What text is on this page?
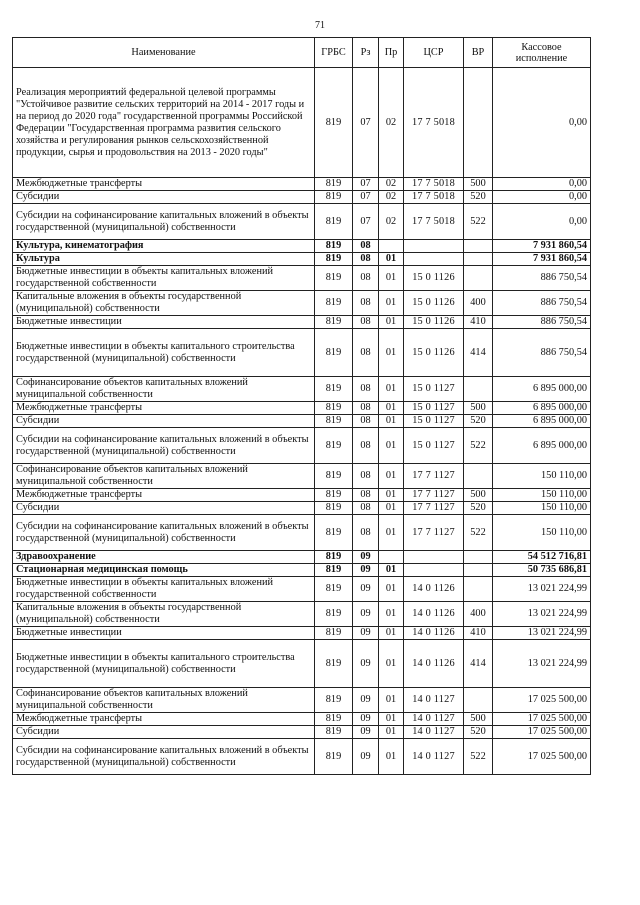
71
Наименование	ГРБС	Рз	Пр	ЦСР	ВР	Кассовое исполнение
Реализация мероприятий федеральной целевой программы "Устойчивое развитие сельских территорий на 2014 - 2017 годы и на период до 2020 года" государственной программы Российской Федерации "Государственная программа развития сельского хозяйства и регулирования рынков сельскохозяйственной продукции, сырья и продовольствия на 2013 - 2020 годы"	819	07	02	17 7 5018		0,00
Межбюджетные трансферты	819	07	02	17 7 5018	500	0,00
Субсидии	819	07	02	17 7 5018	520	0,00
Субсидии на софинансирование капитальных вложений в объекты государственной (муниципальной) собственности	819	07	02	17 7 5018	522	0,00
Культура, кинематография	819	08				7 931 860,54
Культура	819	08	01			7 931 860,54
Бюджетные инвестиции в объекты капитальных вложений государственной собственности	819	08	01	15 0 1126		886 750,54
Капитальные вложения в объекты государственной (муниципальной) собственности	819	08	01	15 0 1126	400	886 750,54
Бюджетные инвестиции	819	08	01	15 0 1126	410	886 750,54
Бюджетные инвестиции в объекты капитального строительства государственной (муниципальной) собственности	819	08	01	15 0 1126	414	886 750,54
Софинансирование объектов капитальных вложений муниципальной собственности	819	08	01	15 0 1127		6 895 000,00
Межбюджетные трансферты	819	08	01	15 0 1127	500	6 895 000,00
Субсидии	819	08	01	15 0 1127	520	6 895 000,00
Субсидии на софинансирование капитальных вложений в объекты государственной (муниципальной) собственности	819	08	01	15 0 1127	522	6 895 000,00
Софинансирование объектов капитальных вложений муниципальной собственности	819	08	01	17 7 1127		150 110,00
Межбюджетные трансферты	819	08	01	17 7 1127	500	150 110,00
Субсидии	819	08	01	17 7 1127	520	150 110,00
Субсидии на софинансирование капитальных вложений в объекты государственной (муниципальной) собственности	819	08	01	17 7 1127	522	150 110,00
Здравоохранение	819	09				54 512 716,81
Стационарная медицинская помощь	819	09	01			50 735 686,81
Бюджетные инвестиции в объекты капитальных вложений государственной собственности	819	09	01	14 0 1126		13 021 224,99
Капитальные вложения в объекты государственной (муниципальной) собственности	819	09	01	14 0 1126	400	13 021 224,99
Бюджетные инвестиции	819	09	01	14 0 1126	410	13 021 224,99
Бюджетные инвестиции в объекты капитального строительства государственной (муниципальной) собственности	819	09	01	14 0 1126	414	13 021 224,99
Софинансирование объектов капитальных вложений муниципальной собственности	819	09	01	14 0 1127		17 025 500,00
Межбюджетные трансферты	819	09	01	14 0 1127	500	17 025 500,00
Субсидии	819	09	01	14 0 1127	520	17 025 500,00
Субсидии на софинансирование капитальных вложений в объекты государственной (муниципальной) собственности	819	09	01	14 0 1127	522	17 025 500,00
